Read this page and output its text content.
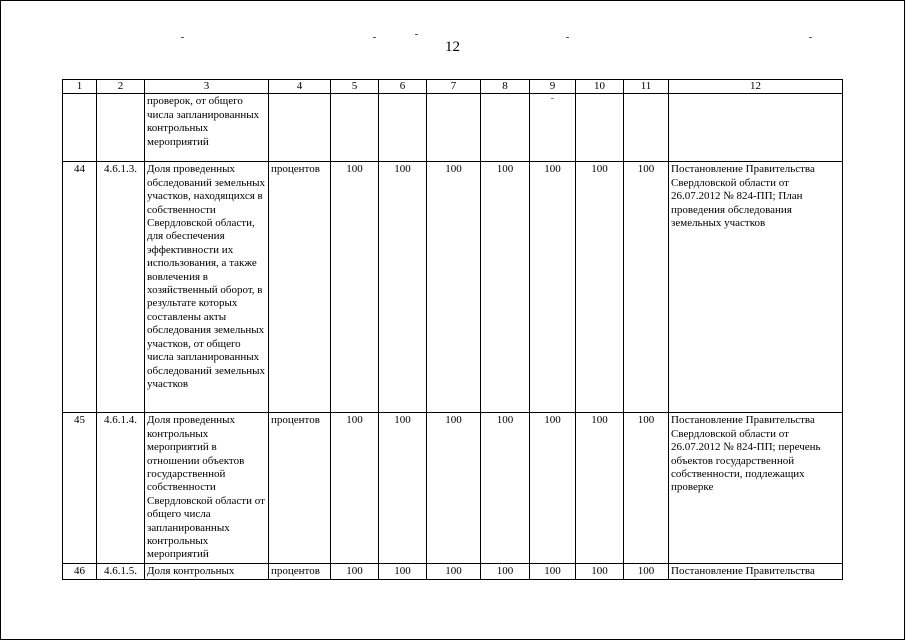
12
1	2	3	4	5	6	7	8	9	10	11	12
		проверок, от общего числа запланированных контрольных мероприятий						-			

44	4.6.1.3.	Доля проведенных обследований земельных участков, находящихся в собственности Свердловской области, для обеспечения эффективности их использования, а также вовлечения в хозяйственный оборот, в результате которых составлены акты обследования земельных участков, от общего числа запланированных обследований земельных участков	процентов	100	100	100	100	100	100	100	Постановление Правительства Свердловской области от 26.07.2012 № 824-ПП; План проведения обследования земельных участков
45	4.6.1.4.	Доля проведенных контрольных мероприятий в отношении объектов государственной собственности Свердловской области от общего числа запланированных контрольных мероприятий	процентов	100	100	100	100	100	100	100	Постановление Правительства Свердловской области от 26.07.2012 № 824-ПП; перечень объектов государственной собственности, подлежащих проверке
46	4.6.1.5.	Доля контрольных	процентов	100	100	100	100	100	100	100	Постановление Правительства
